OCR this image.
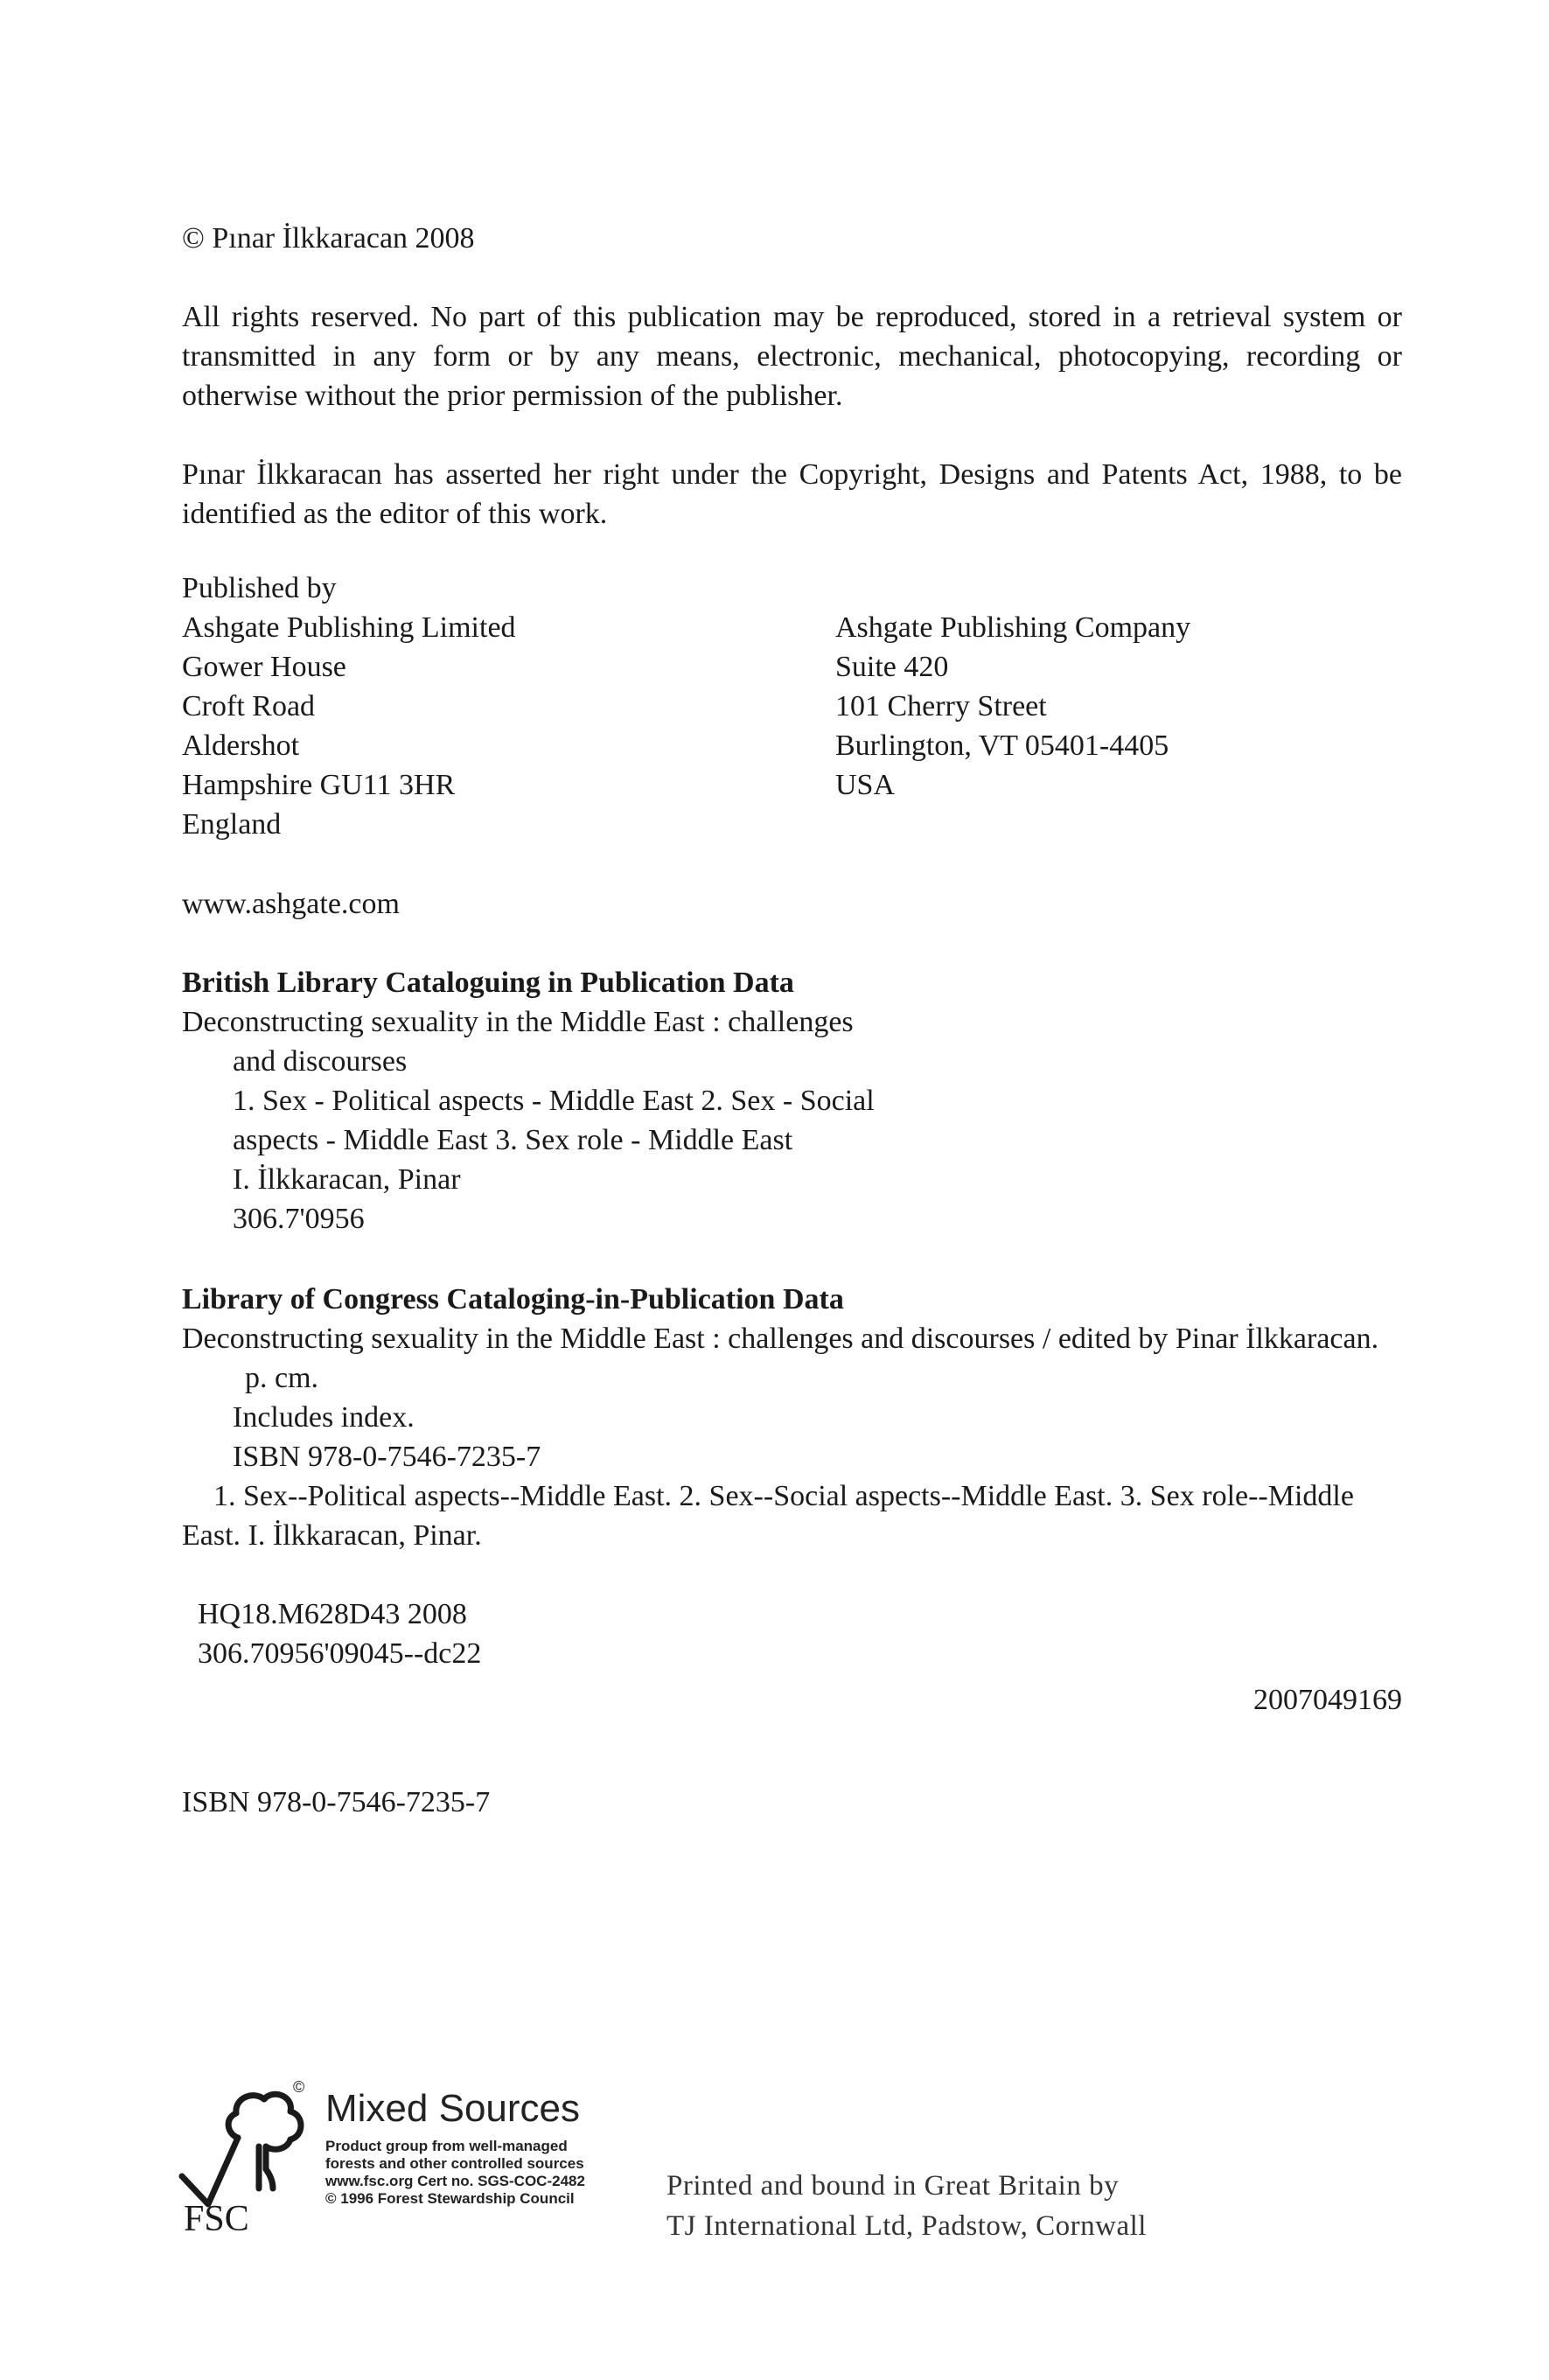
© Pınar İlkkaracan 2008

All rights reserved. No part of this publication may be reproduced, stored in a retrieval system or transmitted in any form or by any means, electronic, mechanical, photocopying, recording or otherwise without the prior permission of the publisher.

Pınar İlkkaracan has asserted her right under the Copyright, Designs and Patents Act, 1988, to be identified as the editor of this work.

Published by

Ashgate Publishing Limited
Gower House
Croft Road
Aldershot
Hampshire GU11 3HR
England
Ashgate Publishing Company
Suite 420
101 Cherry Street
Burlington, VT 05401-4405
USA

www.ashgate.com

British Library Cataloguing in Publication Data

Deconstructing sexuality in the Middle East : challenges

and discourses

1. Sex - Political aspects - Middle East 2. Sex - Social

aspects - Middle East 3. Sex role - Middle East

I. İlkkaracan, Pinar

306.7'0956

Library of Congress Cataloging-in-Publication Data

Deconstructing sexuality in the Middle East : challenges and discourses / edited by Pinar İlkkaracan.

p. cm.

Includes index.

ISBN 978-0-7546-7235-7

1. Sex--Political aspects--Middle East. 2. Sex--Social aspects--Middle East. 3. Sex role--Middle East. I. İlkkaracan, Pinar.

HQ18.M628D43 2008

306.70956'09045--dc22

2007049169

ISBN 978-0-7546-7235-7

FSC
© Mixed Sources
Product group from well-managed
forests and other controlled sources
www.fsc.org Cert no. SGS-COC-2482
© 1996 Forest Stewardship Council	Printed and bound in Great Britain by
TJ International Ltd, Padstow, Cornwall
